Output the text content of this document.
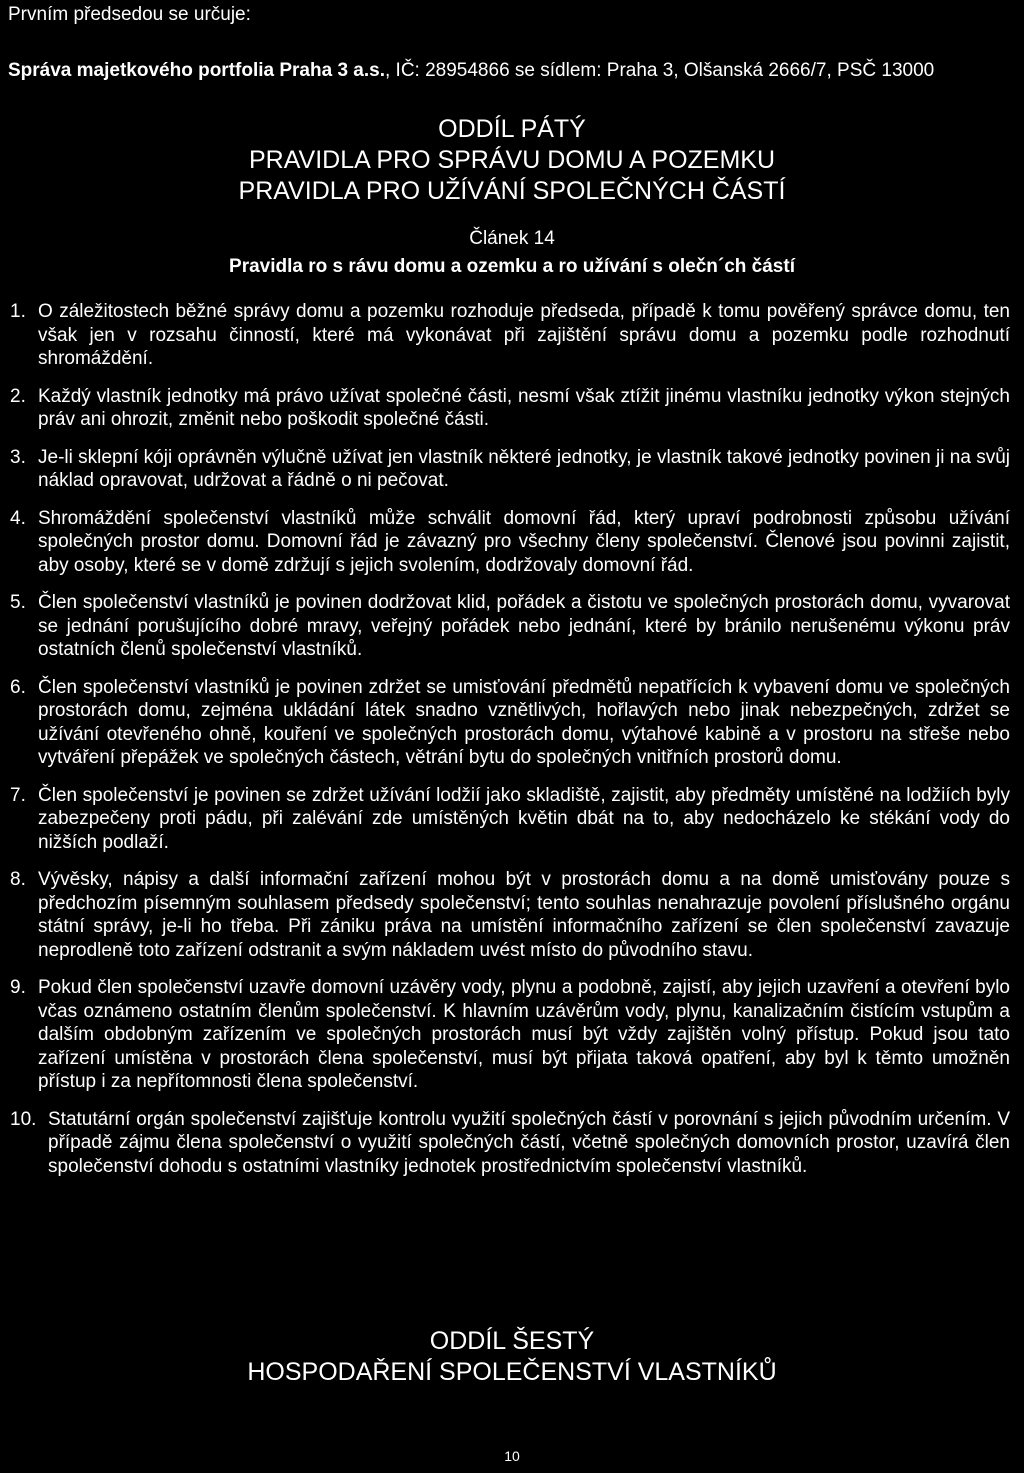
Prvním předsedou se určuje:
Správa majetkového portfolia Praha 3 a.s., IČ: 28954866 se sídlem: Praha 3, Olšanská 2666/7, PSČ 13000
ODDÍL PÁTÝ
PRAVIDLA PRO SPRÁVU DOMU A POZEMKU
PRAVIDLA PRO UŽÍVÁNÍ SPOLEČNÝCH ČÁSTÍ
Článek 14
Pravidla ro s rávu domu a ozemku a ro užívání s olečn´ch částí
1. O záležitostech běžné správy domu a pozemku rozhoduje předseda, případě k tomu pověřený správce domu, ten však jen v rozsahu činností, které má vykonávat při zajištění správu domu a pozemku podle rozhodnutí shromáždění.
2. Každý vlastník jednotky má právo užívat společné části, nesmí však ztížit jinému vlastníku jednotky výkon stejných práv ani ohrozit, změnit nebo poškodit společné části.
3. Je-li sklepní kóji oprávněn výlučně užívat jen vlastník některé jednotky, je vlastník takové jednotky povinen ji na svůj náklad opravovat, udržovat a řádně o ni pečovat.
4. Shromáždění společenství vlastníků může schválit domovní řád, který upraví podrobnosti způsobu užívání společných prostor domu. Domovní řád je závazný pro všechny členy společenství. Členové jsou povinni zajistit, aby osoby, které se v domě zdržují s jejich svolením, dodržovaly domovní řád.
5. Člen společenství vlastníků je povinen dodržovat klid, pořádek a čistotu ve společných prostorách domu, vyvarovat se jednání porušujícího dobré mravy, veřejný pořádek nebo jednání, které by bránilo nerušenému výkonu práv ostatních členů společenství vlastníků.
6. Člen společenství vlastníků je povinen zdržet se umisťování předmětů nepatřících k vybavení domu ve společných prostorách domu, zejména ukládání látek snadno vznětlivých, hořlavých nebo jinak nebezpečných, zdržet se užívání otevřeného ohně, kouření ve společných prostorách domu, výtahové kabině a v prostoru na střeše nebo vytváření přepážek ve společných částech, větrání bytu do společných vnitřních prostorů domu.
7. Člen společenství je povinen se zdržet užívání lodžií jako skladiště, zajistit, aby předměty umístěné na lodžiích byly zabezpečeny proti pádu, při zalévání zde umístěných květin dbát na to, aby nedocházelo ke stékání vody do nižších podlaží.
8. Vývěsky, nápisy a další informační zařízení mohou být v prostorách domu a na domě umisťovány pouze s předchozím písemným souhlasem předsedy společenství; tento souhlas nenahrazuje povolení příslušného orgánu státní správy, je-li ho třeba. Při zániku práva na umístění informačního zařízení se člen společenství zavazuje neprodleně toto zařízení odstranit a svým nákladem uvést místo do původního stavu.
9. Pokud člen společenství uzavře domovní uzávěry vody, plynu a podobně, zajistí, aby jejich uzavření a otevření bylo včas oznámeno ostatním členům společenství. K hlavním uzávěrům vody, plynu, kanalizačním čistícím vstupům a dalším obdobným zařízením ve společných prostorách musí být vždy zajištěn volný přístup. Pokud jsou tato zařízení umístěna v prostorách člena společenství, musí být přijata taková opatření, aby byl k těmto umožněn přístup i za nepřítomnosti člena společenství.
10. Statutární orgán společenství zajišťuje kontrolu využití společných částí v porovnání s jejich původním určením. V případě zájmu člena společenství o využití společných částí, včetně společných domovních prostor, uzavírá člen společenství dohodu s ostatními vlastníky jednotek prostřednictvím společenství vlastníků.
ODDÍL ŠESTÝ
HOSPODAŘENÍ SPOLEČENSTVÍ VLASTNÍKŮ
10
